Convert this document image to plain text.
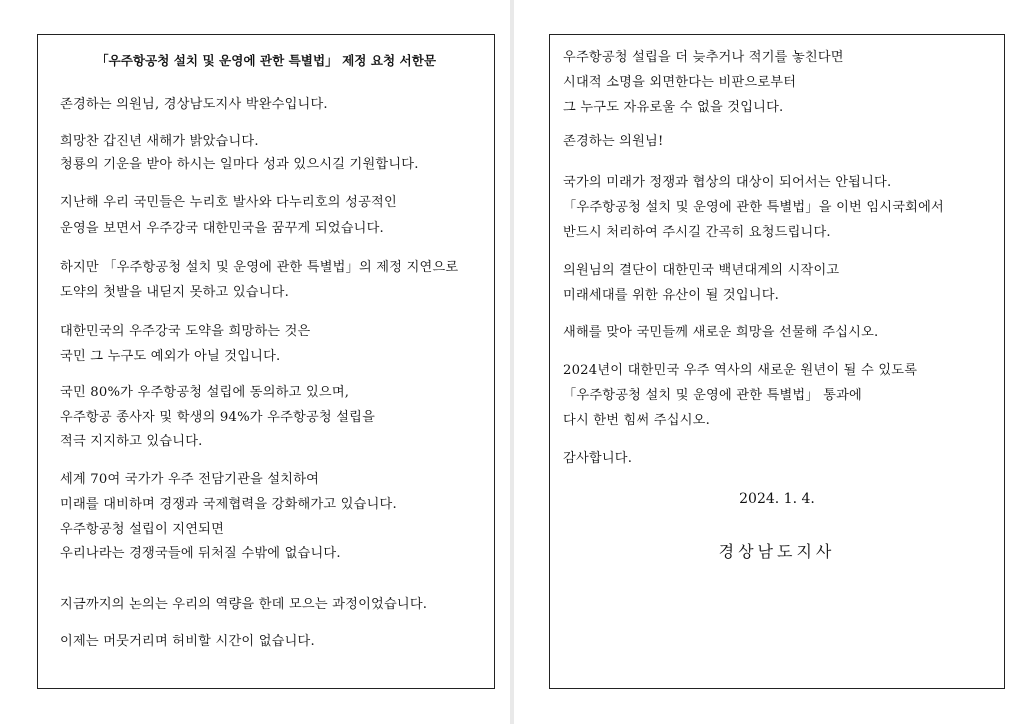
「우주항공청 설치 및 운영에 관한 특별법」 제정 요청 서한문
존경하는 의원님, 경상남도지사 박완수입니다.
희망찬 갑진년 새해가 밝았습니다.
청룡의 기운을 받아 하시는 일마다 성과 있으시길 기원합니다.
지난해 우리 국민들은 누리호 발사와 다누리호의 성공적인
운영을 보면서 우주강국 대한민국을 꿈꾸게 되었습니다.
하지만 「우주항공청 설치 및 운영에 관한 특별법」의 제정 지연으로
도약의 첫발을 내딛지 못하고 있습니다.
대한민국의 우주강국 도약을 희망하는 것은
국민 그 누구도 예외가 아닐 것입니다.
국민 80%가 우주항공청 설립에 동의하고 있으며,
우주항공 종사자 및 학생의 94%가 우주항공청 설립을
적극 지지하고 있습니다.
세계 70여 국가가 우주 전담기관을 설치하여
미래를 대비하며 경쟁과 국제협력을 강화해가고 있습니다.
우주항공청 설립이 지연되면
우리나라는 경쟁국들에 뒤처질 수밖에 없습니다.
지금까지의 논의는 우리의 역량을 한데 모으는 과정이었습니다.
이제는 머뭇거리며 허비할 시간이 없습니다.
우주항공청 설립을 더 늦추거나 적기를 놓친다면
시대적 소명을 외면한다는 비판으로부터
그 누구도 자유로울 수 없을 것입니다.
존경하는 의원님!
국가의 미래가 정쟁과 협상의 대상이 되어서는 안됩니다.
「우주항공청 설치 및 운영에 관한 특별법」을 이번 임시국회에서
반드시 처리하여 주시길 간곡히 요청드립니다.
의원님의 결단이 대한민국 백년대계의 시작이고
미래세대를 위한 유산이 될 것입니다.
새해를 맞아 국민들께 새로운 희망을 선물해 주십시오.
2024년이 대한민국 우주 역사의 새로운 원년이 될 수 있도록
「우주항공청 설치 및 운영에 관한 특별법」 통과에
다시 한번 힘써 주십시오.
감사합니다.
2024. 1. 4.
경상남도지사
